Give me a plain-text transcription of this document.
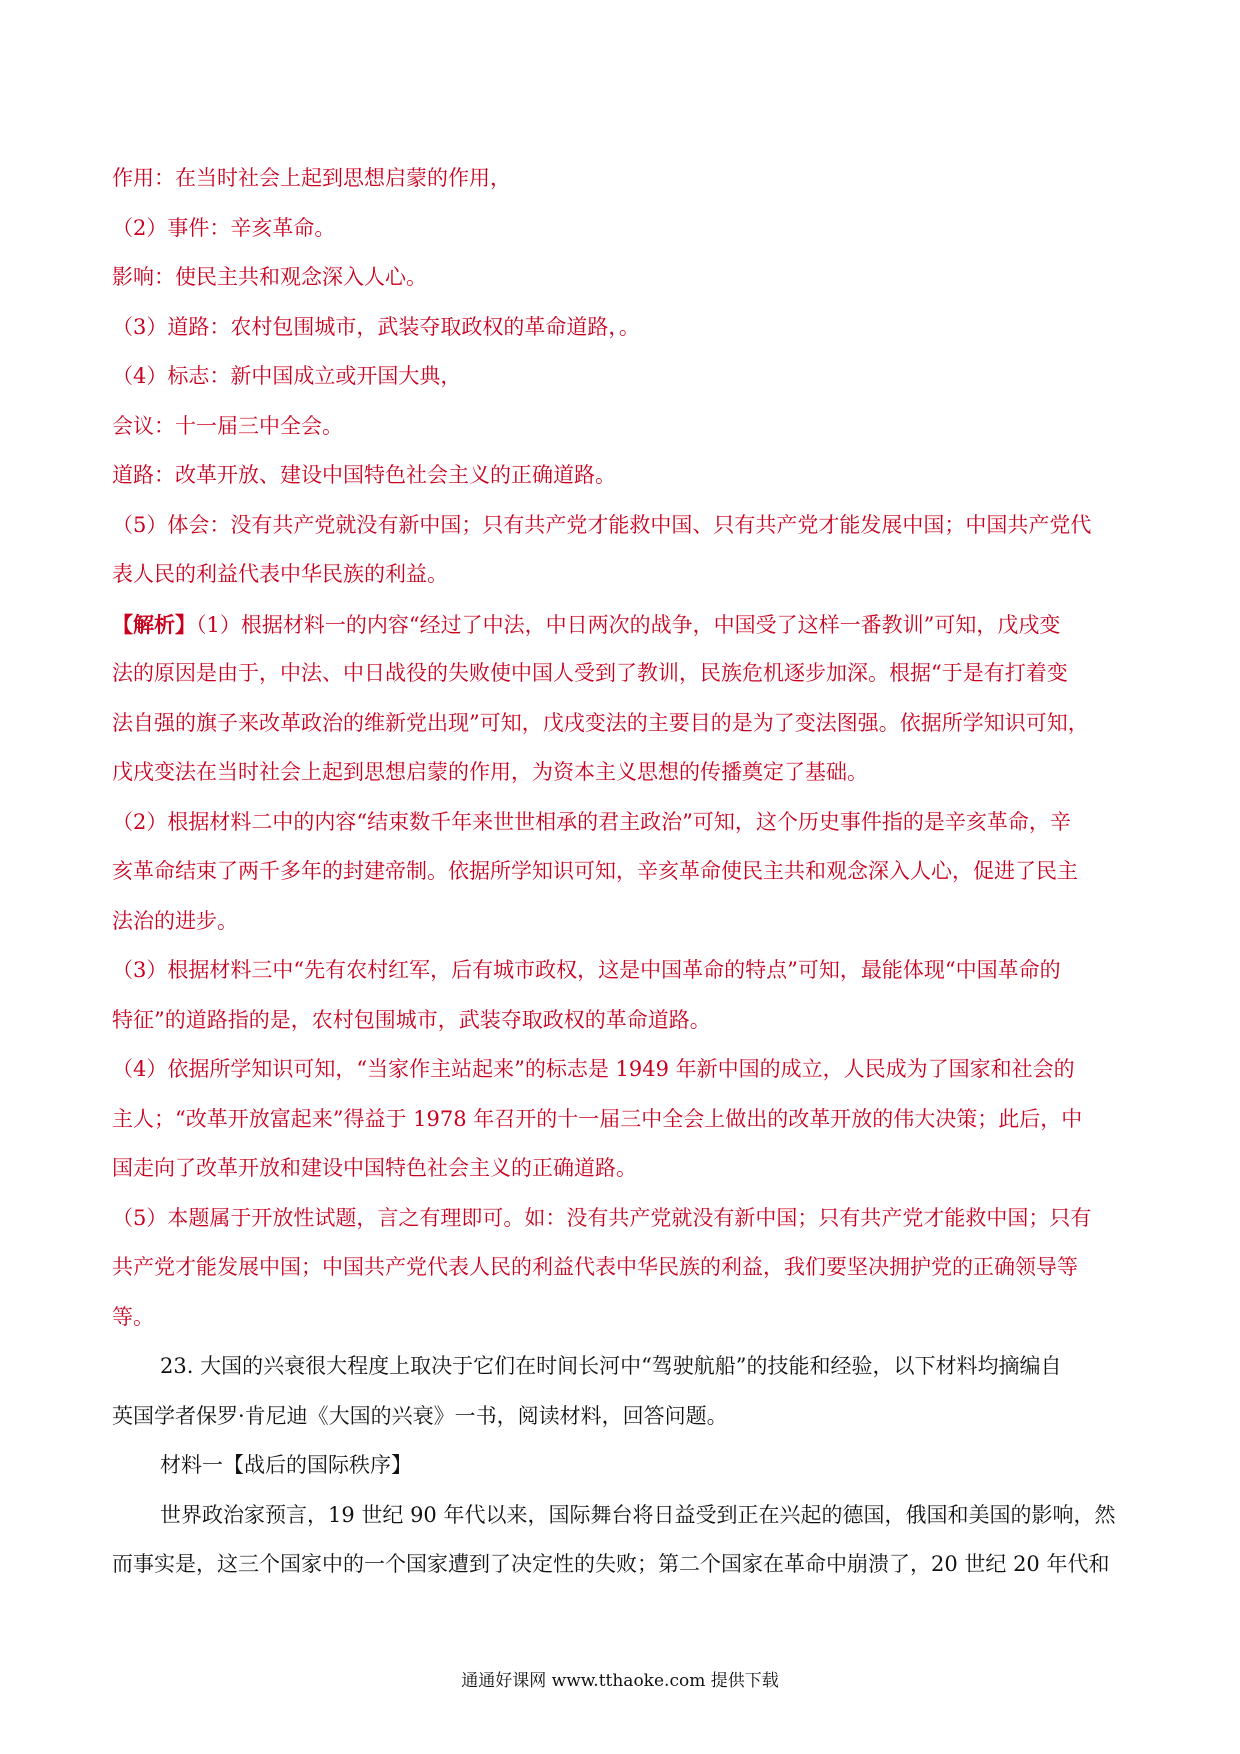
作用：在当时社会上起到思想启蒙的作用，
（2）事件：辛亥革命。
影响：使民主共和观念深入人心。
（3）道路：农村包围城市，武装夺取政权的革命道路，。
（4）标志：新中国成立或开国大典，
会议：十一届三中全会。
道路：改革开放、建设中国特色社会主义的正确道路。
（5）体会：没有共产党就没有新中国；只有共产党才能救中国、只有共产党才能发展中国；中国共产党代
表人民的利益代表中华民族的利益。
【解析】（1）根据材料一的内容“经过了中法，中日两次的战争，中国受了这样一番教训”可知，戊戌变
法的原因是由于，中法、中日战役的失败使中国人受到了教训，民族危机逐步加深。根据“于是有打着变
法自强的旗子来改革政治的维新党出现”可知，戊戌变法的主要目的是为了变法图强。依据所学知识可知，
戊戌变法在当时社会上起到思想启蒙的作用，为资本主义思想的传播奠定了基础。
（2）根据材料二中的内容“结束数千年来世世相承的君主政治”可知，这个历史事件指的是辛亥革命，辛
亥革命结束了两千多年的封建帝制。依据所学知识可知，辛亥革命使民主共和观念深入人心，促进了民主
法治的进步。
（3）根据材料三中“先有农村红军，后有城市政权，这是中国革命的特点”可知，最能体现“中国革命的
特征”的道路指的是，农村包围城市，武装夺取政权的革命道路。
（4）依据所学知识可知，“当家作主站起来”的标志是 1949 年新中国的成立，人民成为了国家和社会的
主人；“改革开放富起来”得益于 1978 年召开的十一届三中全会上做出的改革开放的伟大决策；此后，中
国走向了改革开放和建设中国特色社会主义的正确道路。
（5）本题属于开放性试题，言之有理即可。如：没有共产党就没有新中国；只有共产党才能救中国；只有
共产党才能发展中国；中国共产党代表人民的利益代表中华民族的利益，我们要坚决拥护党的正确领导等
等。
23. 大国的兴衰很大程度上取决于它们在时间长河中“驾驶航船”的技能和经验，以下材料均摘编自
英国学者保罗·肯尼迪《大国的兴衰》一书，阅读材料，回答问题。
材料一【战后的国际秩序】
世界政治家预言，19 世纪 90 年代以来，国际舞台将日益受到正在兴起的德国，俄国和美国的影响，然
而事实是，这三个国家中的一个国家遭到了决定性的失败；第二个国家在革命中崩溃了，20 世纪 20 年代和
通通好课网 www.tthaoke.com 提供下载
